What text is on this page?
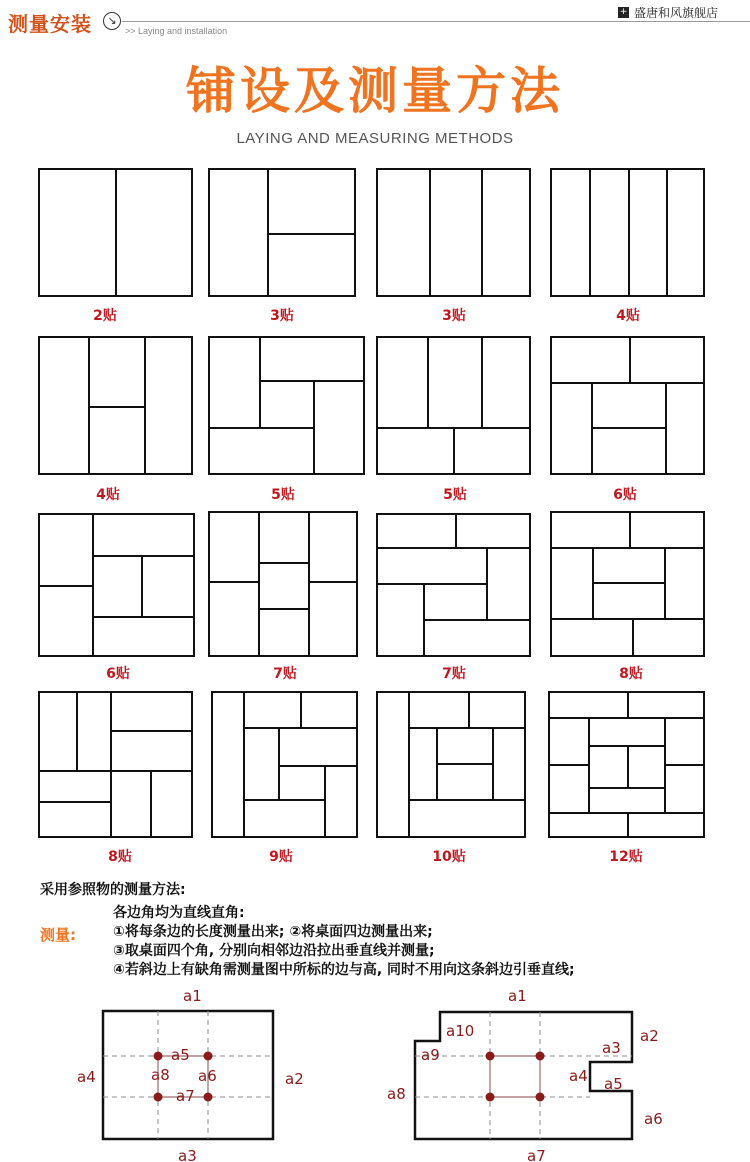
测量安装	↘
>> Laying and installation
+ 盛唐和风旗舰店
铺设及测量方法
LAYING AND MEASURING METHODS
2贴	3贴	3贴	4贴
4贴	5贴	5贴	6贴
6贴	7贴	7贴	8贴
8贴	9贴	10贴	12贴
采用参照物的测量方法:
测量:
各边角均为直线直角:
①将每条边的长度测量出来; ②将桌面四边测量出来;
③取桌面四个角, 分别向相邻边沿拉出垂直线并测量;
④若斜边上有缺角需测量图中所标的边与高, 同时不用向这条斜边引垂直线;
a1
a2
a3
a4
a5
a6
a7
a8
a1
a2
a3
a4 a5
a6
a7
a8
a9
a10
